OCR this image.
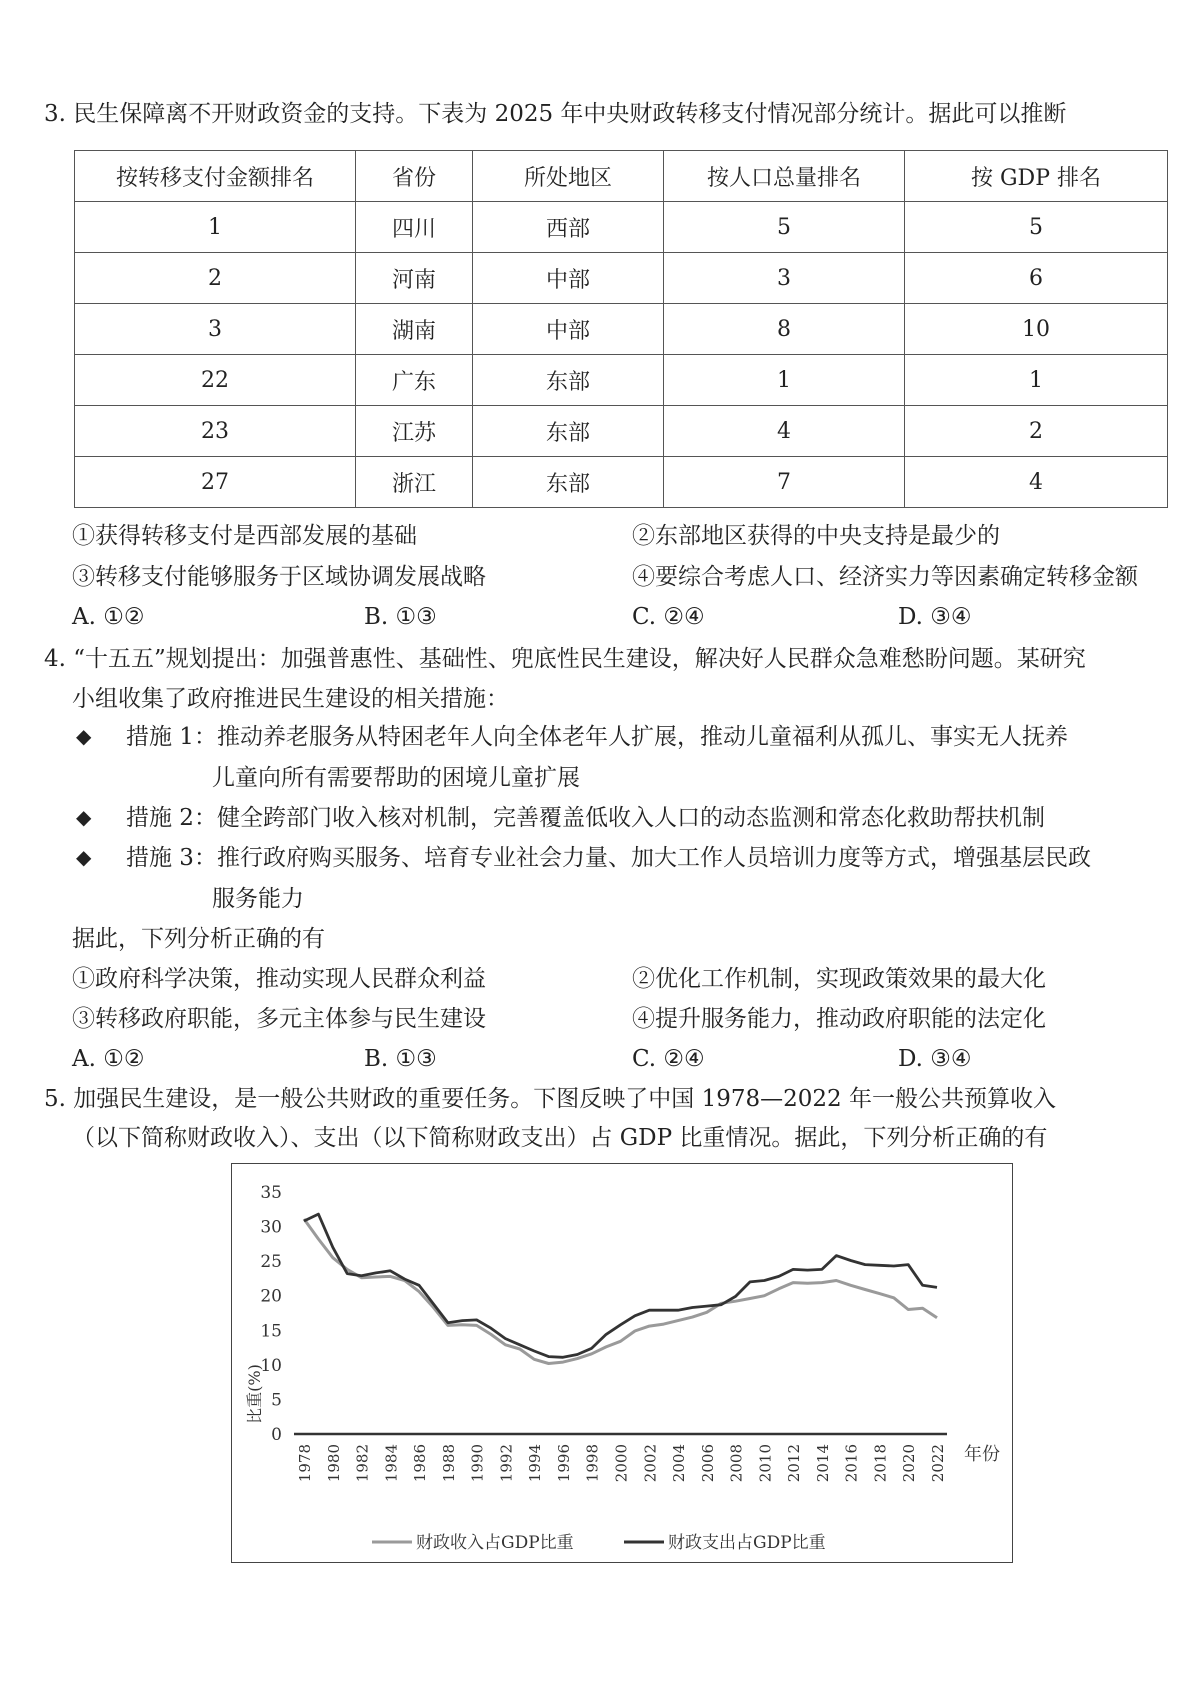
3. 民生保障离不开财政资金的支持。下表为 2025 年中央财政转移支付情况部分统计。据此可以推断
按转移支付金额排名	省份	所处地区	按人口总量排名	按 GDP 排名
1	四川	西部	5	5
2	河南	中部	3	6
3	湖南	中部	8	10
22	广东	东部	1	1
23	江苏	东部	4	2
27	浙江	东部	7	4
①获得转移支付是西部发展的基础	②东部地区获得的中央支持是最少的
③转移支付能够服务于区域协调发展战略	④要综合考虑人口、经济实力等因素确定转移金额
A. ①②	B. ①③	C. ②④	D. ③④
4. “十五五”规划提出：加强普惠性、基础性、兜底性民生建设，解决好人民群众急难愁盼问题。某研究
小组收集了政府推进民生建设的相关措施：
◆ 措施 1：推动养老服务从特困老年人向全体老年人扩展，推动儿童福利从孤儿、事实无人抚养
儿童向所有需要帮助的困境儿童扩展
◆ 措施 2：健全跨部门收入核对机制，完善覆盖低收入人口的动态监测和常态化救助帮扶机制
◆ 措施 3：推行政府购买服务、培育专业社会力量、加大工作人员培训力度等方式，增强基层民政
服务能力
据此，下列分析正确的有
①政府科学决策，推动实现人民群众利益	②优化工作机制，实现政策效果的最大化
③转移政府职能，多元主体参与民生建设	④提升服务能力，推动政府职能的法定化
A. ①②	B. ①③	C. ②④	D. ③④
5. 加强民生建设，是一般公共财政的重要任务。下图反映了中国 1978—2022 年一般公共预算收入
（以下简称财政收入）、支出（以下简称财政支出）占 GDP 比重情况。据此，下列分析正确的有
0
5
10
15
20
25
30
35
1978 1980 1982 1984 1986 1988 1990 1992 1994 1996 1998 2000 2002 2004 2006 2008 2010 2012 2014 2016 2018 2020 2022
比重(%)
年份
财政收入占GDP比重	财政支出占GDP比重
